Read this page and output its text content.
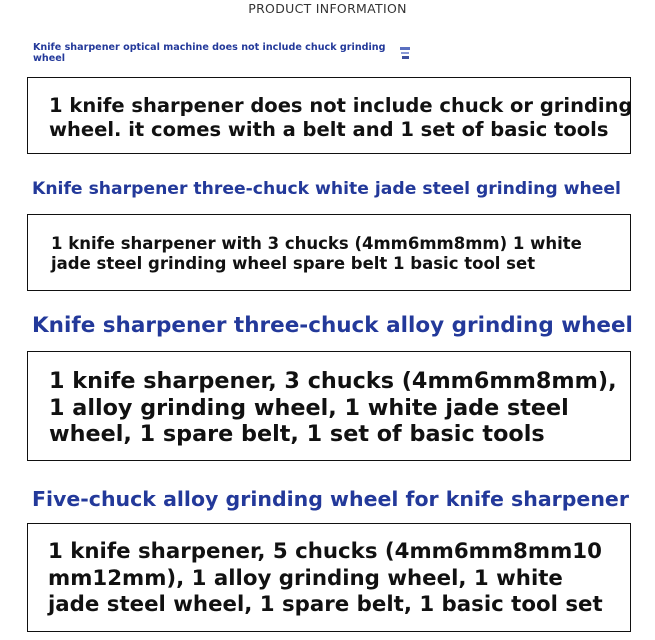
PRODUCT INFORMATION
Knife sharpener optical machine does not include chuck grinding wheel
1 knife sharpener does not include chuck or grinding
wheel. it comes with a belt and 1 set of basic tools
Knife sharpener three-chuck white jade steel grinding wheel
1 knife sharpener with 3 chucks (4mm6mm8mm) 1 white
jade steel grinding wheel spare belt 1 basic tool set
Knife sharpener three-chuck alloy grinding wheel
1 knife sharpener, 3 chucks (4mm6mm8mm),
1 alloy grinding wheel, 1 white jade steel
wheel, 1 spare belt, 1 set of basic tools
Five-chuck alloy grinding wheel for knife sharpener
1 knife sharpener, 5 chucks (4mm6mm8mm10
mm12mm), 1 alloy grinding wheel, 1 white
jade steel wheel, 1 spare belt, 1 basic tool set
